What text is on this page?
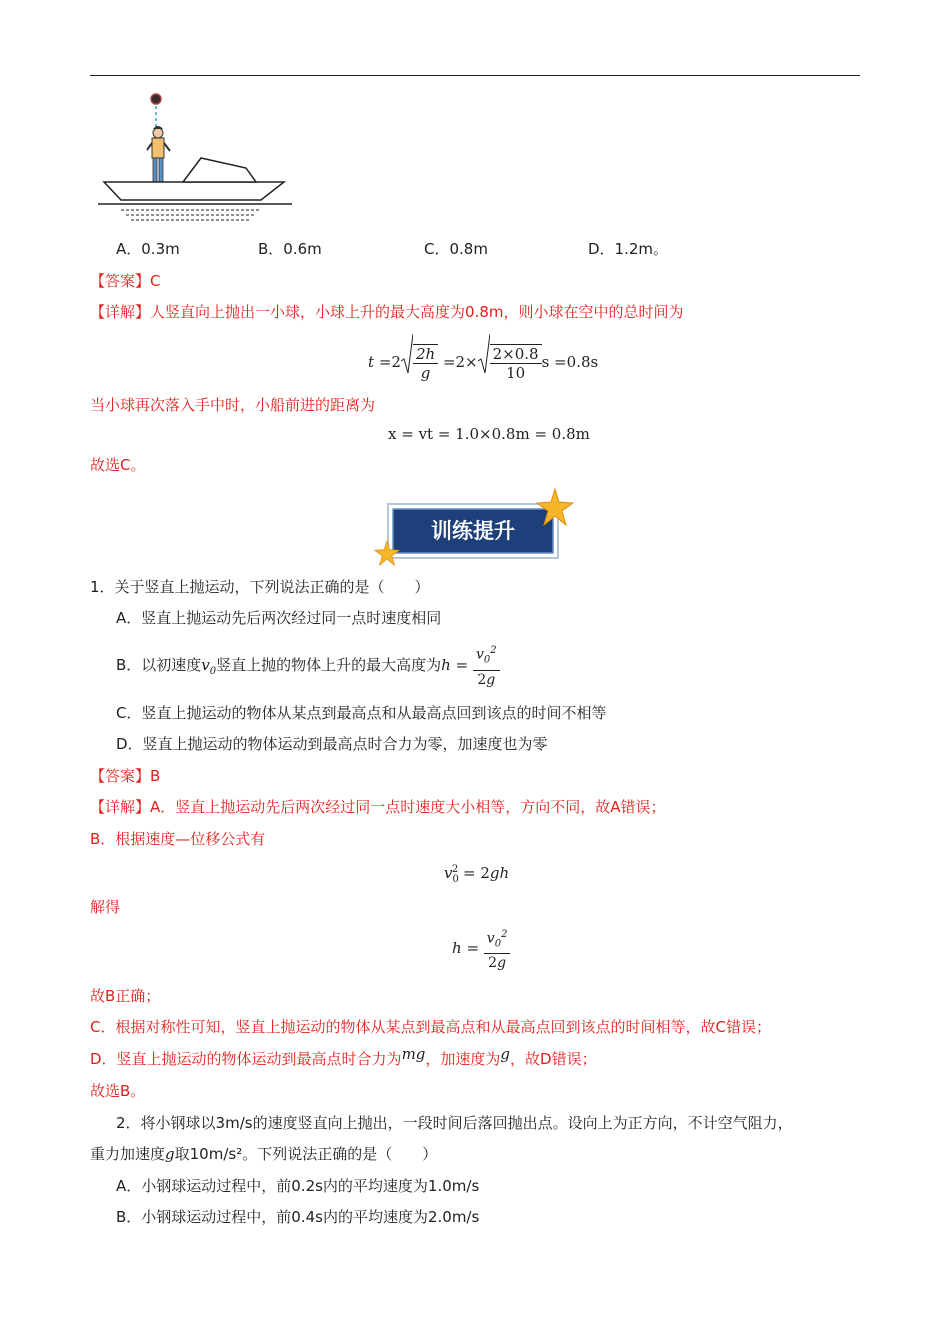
A．0.3m	B．0.6m	C．0.8m	D．1.2m。
【答案】C
【详解】人竖直向上抛出一小球，小球上升的最大高度为0.8m，则小球在空中的总时间为
$t =2 \frac{2h}{g} =2\times \frac{2\times 0.8}{10}$ s =0.8s
当小球再次落入手中时，小船前进的距离为
x = vt = 1.0×0.8m = 0.8m
故选C。
训练提升
1．关于竖直上抛运动，下列说法正确的是（　　）
A．竖直上抛运动先后两次经过同一点时速度相同
B．以初速度$v_0$竖直上抛的物体上升的最大高度为$h = \frac{v_0^2}{2g}$
C．竖直上抛运动的物体从某点到最高点和从最高点回到该点的时间不相等
D．竖直上抛运动的物体运动到最高点时合力为零，加速度也为零
【答案】B
【详解】A．竖直上抛运动先后两次经过同一点时速度大小相等，方向不同，故A错误；
B．根据速度—位移公式有
$v_0^2 = 2gh$
解得
$h = \frac{v_0^2}{2g}$
故B正确；
C．根据对称性可知，竖直上抛运动的物体从某点到最高点和从最高点回到该点的时间相等，故C错误；
D．竖直上抛运动的物体运动到最高点时合力为mg，加速度为g，故D错误；
故选B。
2．将小钢球以3m/s的速度竖直向上抛出，一段时间后落回抛出点。设向上为正方向，不计空气阻力，
重力加速度g取10m/s²。下列说法正确的是（　　）
A．小钢球运动过程中，前0.2s内的平均速度为1.0m/s
B．小钢球运动过程中，前0.4s内的平均速度为2.0m/s
